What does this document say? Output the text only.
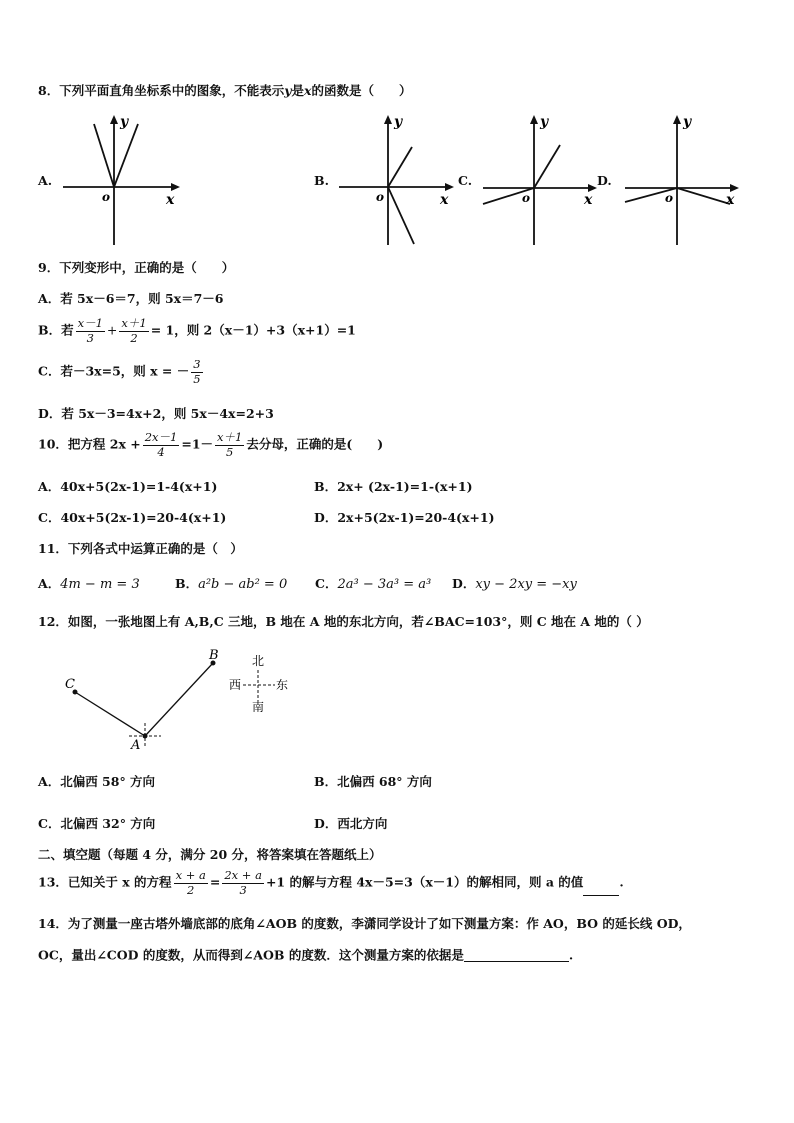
8．下列平面直角坐标系中的图象，不能表示y是x的函数是（　　）
A.	B.	C.	D.
y
x
o
y
x
o
y
x
o
y
x
o
9．下列变形中，正确的是（　　）
A．若 5x－6＝7，则 5x＝7－6
B．若 $\frac{x-1}{3} + \frac{x+1}{2} = 1$，则 2（x－1）+3（x+1）=1
C．若－3x=5，则 x = － $\frac{3}{5}$
D．若 5x－3=4x+2，则 5x－4x=2+3
10．把方程 $2x + \frac{2x-1}{4} =1- \frac{x+1}{5}$ 去分母，正确的是(　　)
A．40x+5(2x-1)=1-4(x+1)	B．2x+ (2x-1)=1-(x+1)
C．40x+5(2x-1)=20-4(x+1)	D．2x+5(2x-1)=20-4(x+1)
11．下列各式中运算正确的是（　）
A．4m − m = 3	B．a²b − ab² = 0 C．2a³ − 3a³ = a³ D．xy − 2xy = −xy
12．如图，一张地图上有 A,B,C 三地，B 地在 A 地的东北方向，若∠BAC=103°，则 C 地在 A 地的（ ）
C
A
B	北
南
西	东
A．北偏西 58° 方向	B．北偏西 68° 方向
C．北偏西 32° 方向	D．西北方向
二、填空题（每题 4 分，满分 20 分，将答案填在答题纸上）
13．已知关于 x 的方程 $\frac{x + a}{2} = \frac{2x + a}{3} +1$ 的解与方程 4x－5=3（x－1）的解相同，则 a 的值	.
14．为了测量一座古塔外墙底部的底角∠AOB 的度数，李潇同学设计了如下测量方案：作 AO，BO 的延长线 OD，
OC，量出∠COD 的度数，从而得到∠AOB 的度数．这个测量方案的依据是	.
